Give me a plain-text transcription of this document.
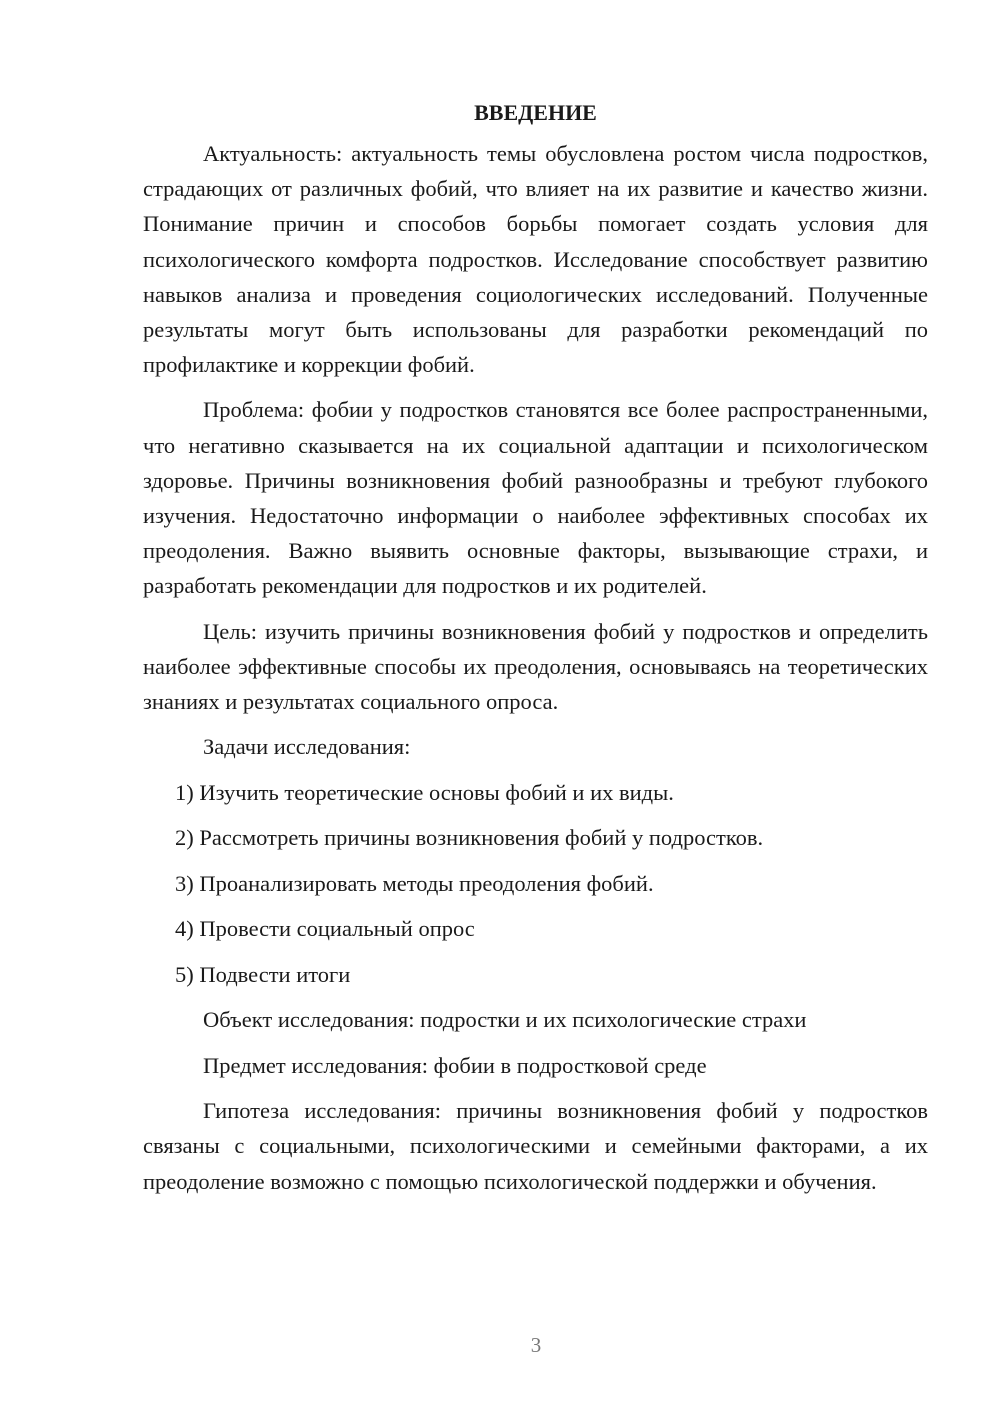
ВВЕДЕНИЕ

Актуальность: актуальность темы обусловлена ростом числа подростков, страдающих от различных фобий, что влияет на их развитие и качество жизни. Понимание причин и способов борьбы помогает создать условия для психологического комфорта подростков. Исследование способствует развитию навыков анализа и проведения социологических исследований. Полученные результаты могут быть использованы для разработки рекомендаций по профилактике и коррекции фобий.

Проблема: фобии у подростков становятся все более распространенными, что негативно сказывается на их социальной адаптации и психологическом здоровье. Причины возникновения фобий разнообразны и требуют глубокого изучения. Недостаточно информации о наиболее эффективных способах их преодоления. Важно выявить основные факторы, вызывающие страхи, и разработать рекомендации для подростков и их родителей.

Цель: изучить причины возникновения фобий у подростков и определить наиболее эффективные способы их преодоления, основываясь на теоретических знаниях и результатах социального опроса.

Задачи исследования:

1) Изучить теоретические основы фобий и их виды.

2) Рассмотреть причины возникновения фобий у подростков.

3) Проанализировать методы преодоления фобий.

4) Провести социальный опрос

5) Подвести итоги

Объект исследования: подростки и их психологические страхи

Предмет исследования: фобии в подростковой среде

Гипотеза исследования: причины возникновения фобий у подростков связаны с социальными, психологическими и семейными факторами, а их преодоление возможно с помощью психологической поддержки и обучения.

3
